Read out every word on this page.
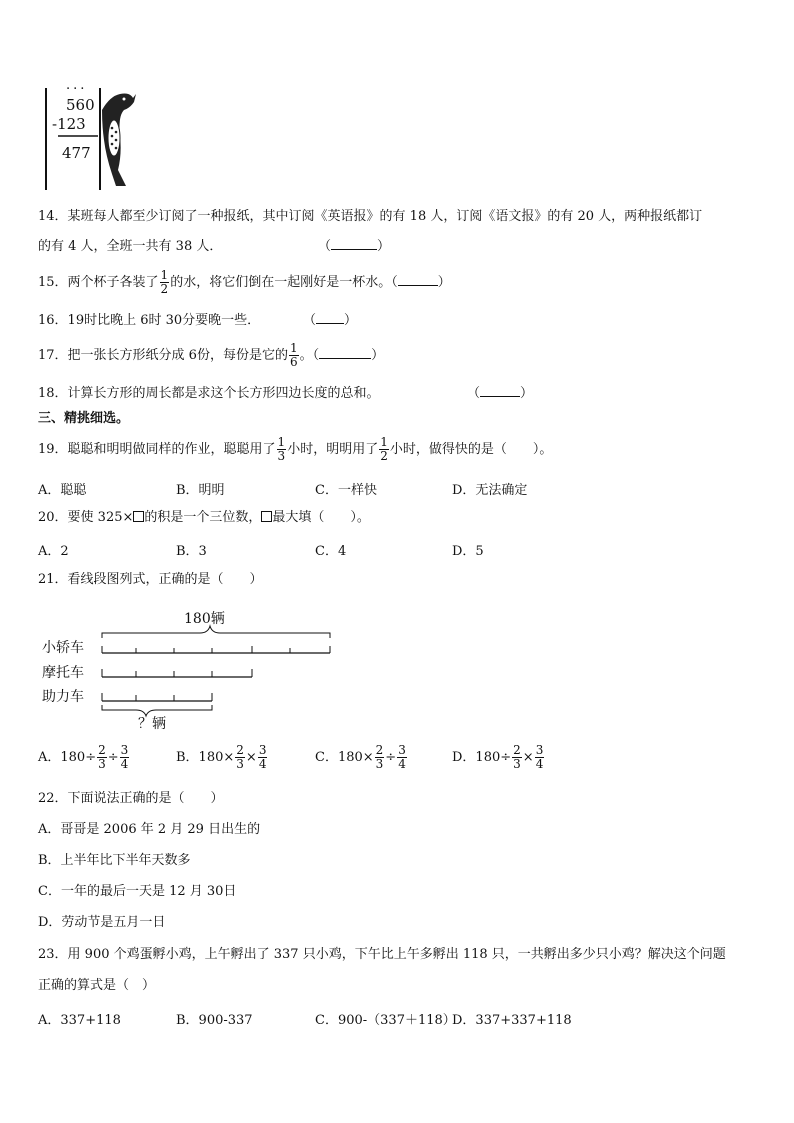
...
560
-123
477
14．某班每人都至少订阅了一种报纸，其中订阅《英语报》的有 18 人，订阅《语文报》的有 20 人，两种报纸都订
的有 4 人，全班一共有 38 人．	（	）
15．两个杯子各装了 $\frac{1}{2}$ 的水，将它们倒在一起刚好是一杯水。（	）
16．19时比晚上 6时 30分要晚一些．	（ ）
17．把一张长方形纸分成 6份，每份是它的 $\frac{1}{6}$ 。（	）
18．计算长方形的周长都是求这个长方形四边长度的总和。	（	）
三、精挑细选。
19．聪聪和明明做同样的作业，聪聪用了 $\frac{1}{3}$ 小时，明明用了 $\frac{1}{2}$ 小时，做得快的是（　　）。
A．聪聪	B．明明	C．一样快	D．无法确定
20．要使 325× 的积是一个三位数， 最大填（　　）。
A．2	B．3	C．4	D．5
21．看线段图列式，正确的是（　　）
180辆
小轿车
摩托车
助力车
？辆
A．$180\div \frac{2}{3} \div \frac{3}{4}$	B．$180\times \frac{2}{3} \times \frac{3}{4}$	C．$180\times \frac{2}{3} \div \frac{3}{4}$	D．$180\div \frac{2}{3} \times \frac{3}{4}$
22．下面说法正确的是（　　）
A．哥哥是 2006 年 2 月 29 日出生的
B．上半年比下半年天数多
C．一年的最后一天是 12 月 30日
D．劳动节是五月一日
23．用 900 个鸡蛋孵小鸡，上午孵出了 337 只小鸡，下午比上午多孵出 118 只，一共孵出多少只小鸡？解决这个问题
正确的算式是（　）
A．337+118	B．900-337	C．900-（337＋118）
D．337+337+118
